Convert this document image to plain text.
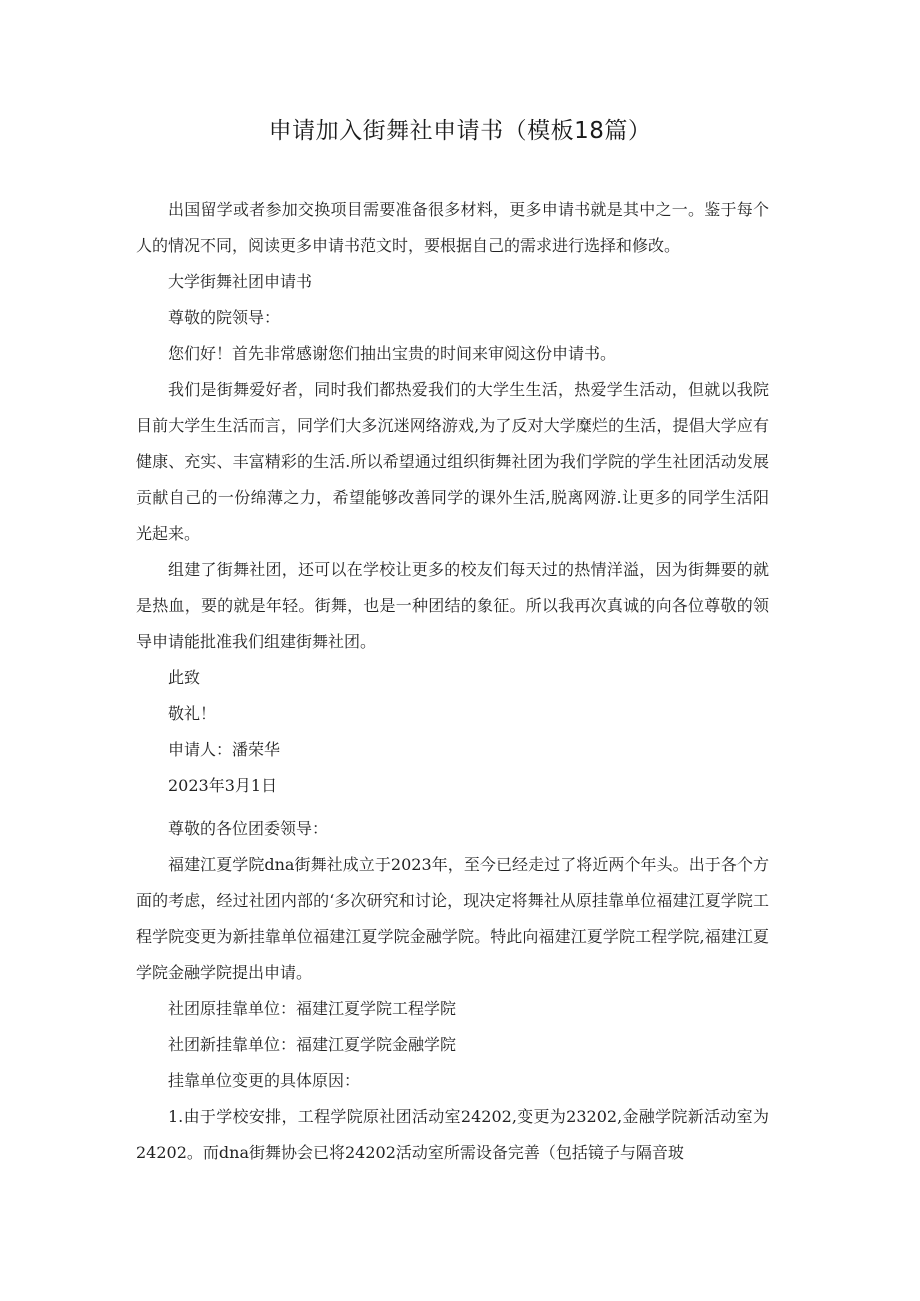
申请加入街舞社申请书（模板18篇）

出国留学或者参加交换项目需要准备很多材料，更多申请书就是其中之一。鉴于每个人的情况不同，阅读更多申请书范文时，要根据自己的需求进行选择和修改。

大学街舞社团申请书

尊敬的院领导：

您们好！首先非常感谢您们抽出宝贵的时间来审阅这份申请书。

我们是街舞爱好者，同时我们都热爱我们的大学生生活，热爱学生活动，但就以我院目前大学生生活而言，同学们大多沉迷网络游戏,为了反对大学糜烂的生活，提倡大学应有健康、充实、丰富精彩的生活.所以希望通过组织街舞社团为我们学院的学生社团活动发展贡献自己的一份绵薄之力，希望能够改善同学的课外生活,脱离网游.让更多的同学生活阳光起来。

组建了街舞社团，还可以在学校让更多的校友们每天过的热情洋溢，因为街舞要的就是热血，要的就是年轻。街舞，也是一种团结的象征。所以我再次真诚的向各位尊敬的领导申请能批准我们组建街舞社团。

此致

敬礼！

申请人：潘荣华

2023年3月1日

尊敬的各位团委领导：

福建江夏学院dna街舞社成立于2023年，至今已经走过了将近两个年头。出于各个方面的考虑，经过社团内部的‘多次研究和讨论，现决定将舞社从原挂靠单位福建江夏学院工程学院变更为新挂靠单位福建江夏学院金融学院。特此向福建江夏学院工程学院,福建江夏学院金融学院提出申请。

社团原挂靠单位：福建江夏学院工程学院

社团新挂靠单位：福建江夏学院金融学院

挂靠单位变更的具体原因：

1.由于学校安排，工程学院原社团活动室24202,变更为23202,金融学院新活动室为24202。而dna街舞协会已将24202活动室所需设备完善（包括镜子与隔音玻
